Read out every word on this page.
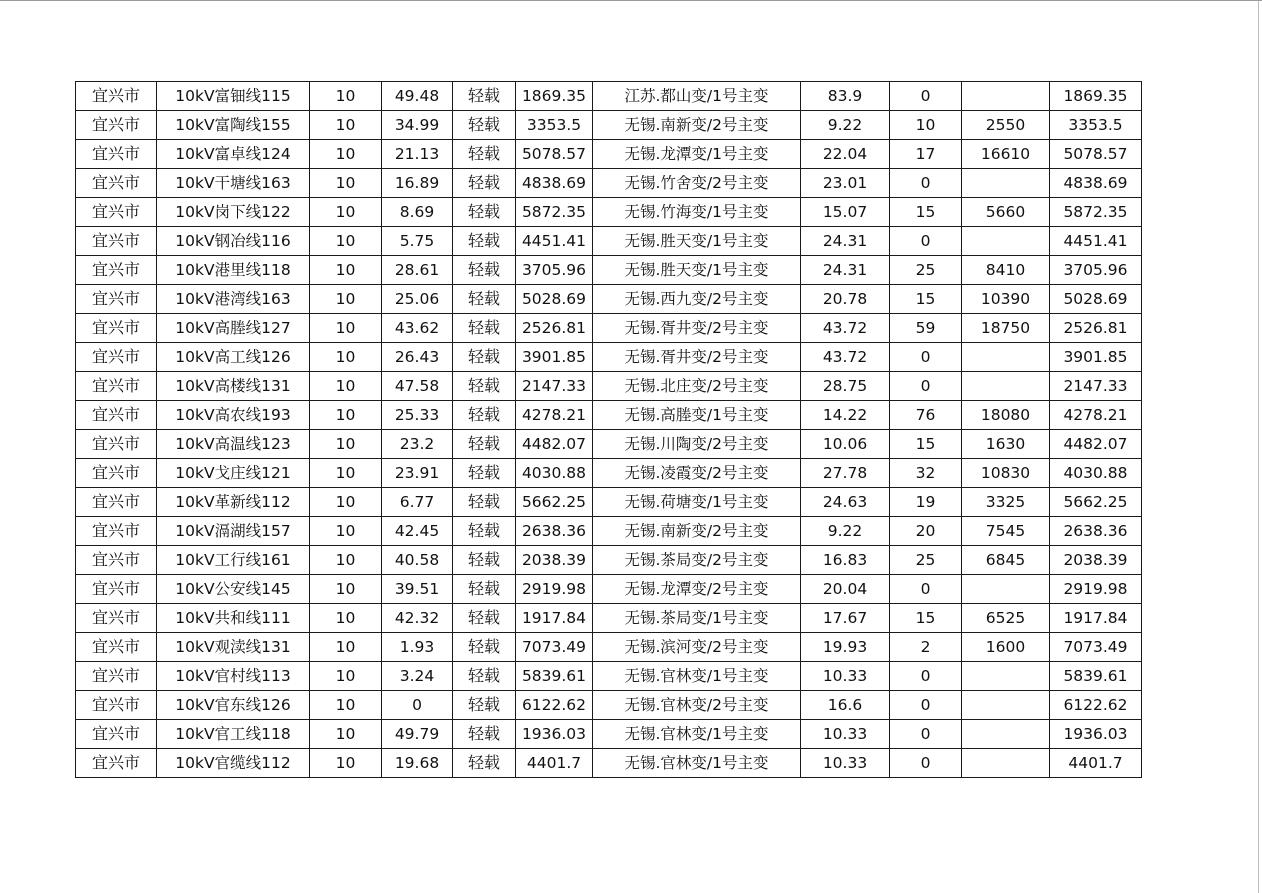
宜兴市	10kV富钿线115	10	49.48	轻载	1869.35	江苏.都山变/1号主变	83.9	0		1869.35
宜兴市	10kV富陶线155	10	34.99	轻载	3353.5	无锡.南新变/2号主变	9.22	10	2550	3353.5
宜兴市	10kV富卓线124	10	21.13	轻载	5078.57	无锡.龙潭变/1号主变	22.04	17	16610	5078.57
宜兴市	10kV干塘线163	10	16.89	轻载	4838.69	无锡.竹舍变/2号主变	23.01	0		4838.69
宜兴市	10kV岗下线122	10	8.69	轻载	5872.35	无锡.竹海变/1号主变	15.07	15	5660	5872.35
宜兴市	10kV钢冶线116	10	5.75	轻载	4451.41	无锡.胜天变/1号主变	24.31	0		4451.41
宜兴市	10kV港里线118	10	28.61	轻载	3705.96	无锡.胜天变/1号主变	24.31	25	8410	3705.96
宜兴市	10kV港湾线163	10	25.06	轻载	5028.69	无锡.西九变/2号主变	20.78	15	10390	5028.69
宜兴市	10kV高塍线127	10	43.62	轻载	2526.81	无锡.胥井变/2号主变	43.72	59	18750	2526.81
宜兴市	10kV高工线126	10	26.43	轻载	3901.85	无锡.胥井变/2号主变	43.72	0		3901.85
宜兴市	10kV高楼线131	10	47.58	轻载	2147.33	无锡.北庄变/2号主变	28.75	0		2147.33
宜兴市	10kV高农线193	10	25.33	轻载	4278.21	无锡.高塍变/1号主变	14.22	76	18080	4278.21
宜兴市	10kV高温线123	10	23.2	轻载	4482.07	无锡.川陶变/2号主变	10.06	15	1630	4482.07
宜兴市	10kV戈庄线121	10	23.91	轻载	4030.88	无锡.凌霞变/2号主变	27.78	32	10830	4030.88
宜兴市	10kV革新线112	10	6.77	轻载	5662.25	无锡.荷塘变/1号主变	24.63	19	3325	5662.25
宜兴市	10kV滆湖线157	10	42.45	轻载	2638.36	无锡.南新变/2号主变	9.22	20	7545	2638.36
宜兴市	10kV工行线161	10	40.58	轻载	2038.39	无锡.茶局变/2号主变	16.83	25	6845	2038.39
宜兴市	10kV公安线145	10	39.51	轻载	2919.98	无锡.龙潭变/2号主变	20.04	0		2919.98
宜兴市	10kV共和线111	10	42.32	轻载	1917.84	无锡.茶局变/1号主变	17.67	15	6525	1917.84
宜兴市	10kV观渎线131	10	1.93	轻载	7073.49	无锡.滨河变/2号主变	19.93	2	1600	7073.49
宜兴市	10kV官村线113	10	3.24	轻载	5839.61	无锡.官林变/1号主变	10.33	0		5839.61
宜兴市	10kV官东线126	10	0	轻载	6122.62	无锡.官林变/2号主变	16.6	0		6122.62
宜兴市	10kV官工线118	10	49.79	轻载	1936.03	无锡.官林变/1号主变	10.33	0		1936.03
宜兴市	10kV官缆线112	10	19.68	轻载	4401.7	无锡.官林变/1号主变	10.33	0		4401.7
